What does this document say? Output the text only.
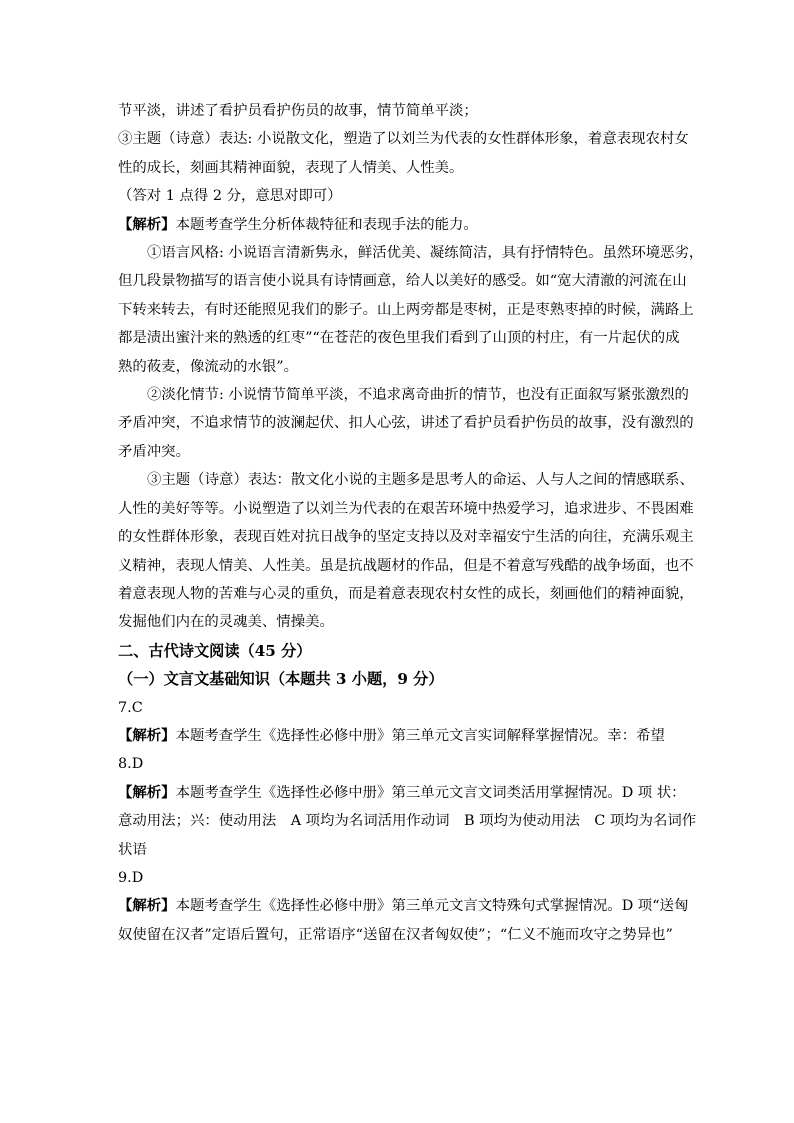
节平淡，讲述了看护员看护伤员的故事，情节简单平淡；

③主题（诗意）表达: 小说散文化，塑造了以刘兰为代表的女性群体形象，着意表现农村女

性的成长，刻画其精神面貌，表现了人情美、人性美。

（答对 1 点得 2 分，意思对即可）

【解析】本题考查学生分析体裁特征和表现手法的能力。

①语言风格: 小说语言清新隽永，鲜活优美、凝练简洁，具有抒情特色。虽然环境恶劣，

但几段景物描写的语言使小说具有诗情画意，给人以美好的感受。如“宽大清澈的河流在山

下转来转去，有时还能照见我们的影子。山上两旁都是枣树，正是枣熟枣掉的时候，满路上

都是渍出蜜汁来的熟透的红枣”“在苍茫的夜色里我们看到了山顶的村庄，有一片起伏的成

熟的莜麦，像流动的水银”。

②淡化情节: 小说情节简单平淡，不追求离奇曲折的情节，也没有正面叙写紧张激烈的

矛盾冲突，不追求情节的波澜起伏、扣人心弦，讲述了看护员看护伤员的故事，没有激烈的

矛盾冲突。

③主题（诗意）表达：散文化小说的主题多是思考人的命运、人与人之间的情感联系、

人性的美好等等。小说塑造了以刘兰为代表的在艰苦环境中热爱学习，追求进步、不畏困难

的女性群体形象，表现百姓对抗日战争的坚定支持以及对幸福安宁生活的向往，充满乐观主

义精神，表现人情美、人性美。虽是抗战题材的作品，但是不着意写残酷的战争场面，也不

着意表现人物的苦难与心灵的重负，而是着意表现农村女性的成长，刻画他们的精神面貌，

发掘他们内在的灵魂美、情操美。

二、古代诗文阅读（45 分）

（一）文言文基础知识（本题共 3 小题，9 分）

7.C

【解析】本题考查学生《选择性必修中册》第三单元文言实词解释掌握情况。幸：希望

8.D

【解析】本题考查学生《选择性必修中册》第三单元文言文词类活用掌握情况。D 项 状：

意动用法；兴：使动用法　A 项均为名词活用作动词　B 项均为使动用法　C 项均为名词作

状语

9.D

【解析】本题考查学生《选择性必修中册》第三单元文言文特殊句式掌握情况。D 项“送匈

奴使留在汉者”定语后置句，正常语序“送留在汉者匈奴使”；“仁义不施而攻守之势异也”
